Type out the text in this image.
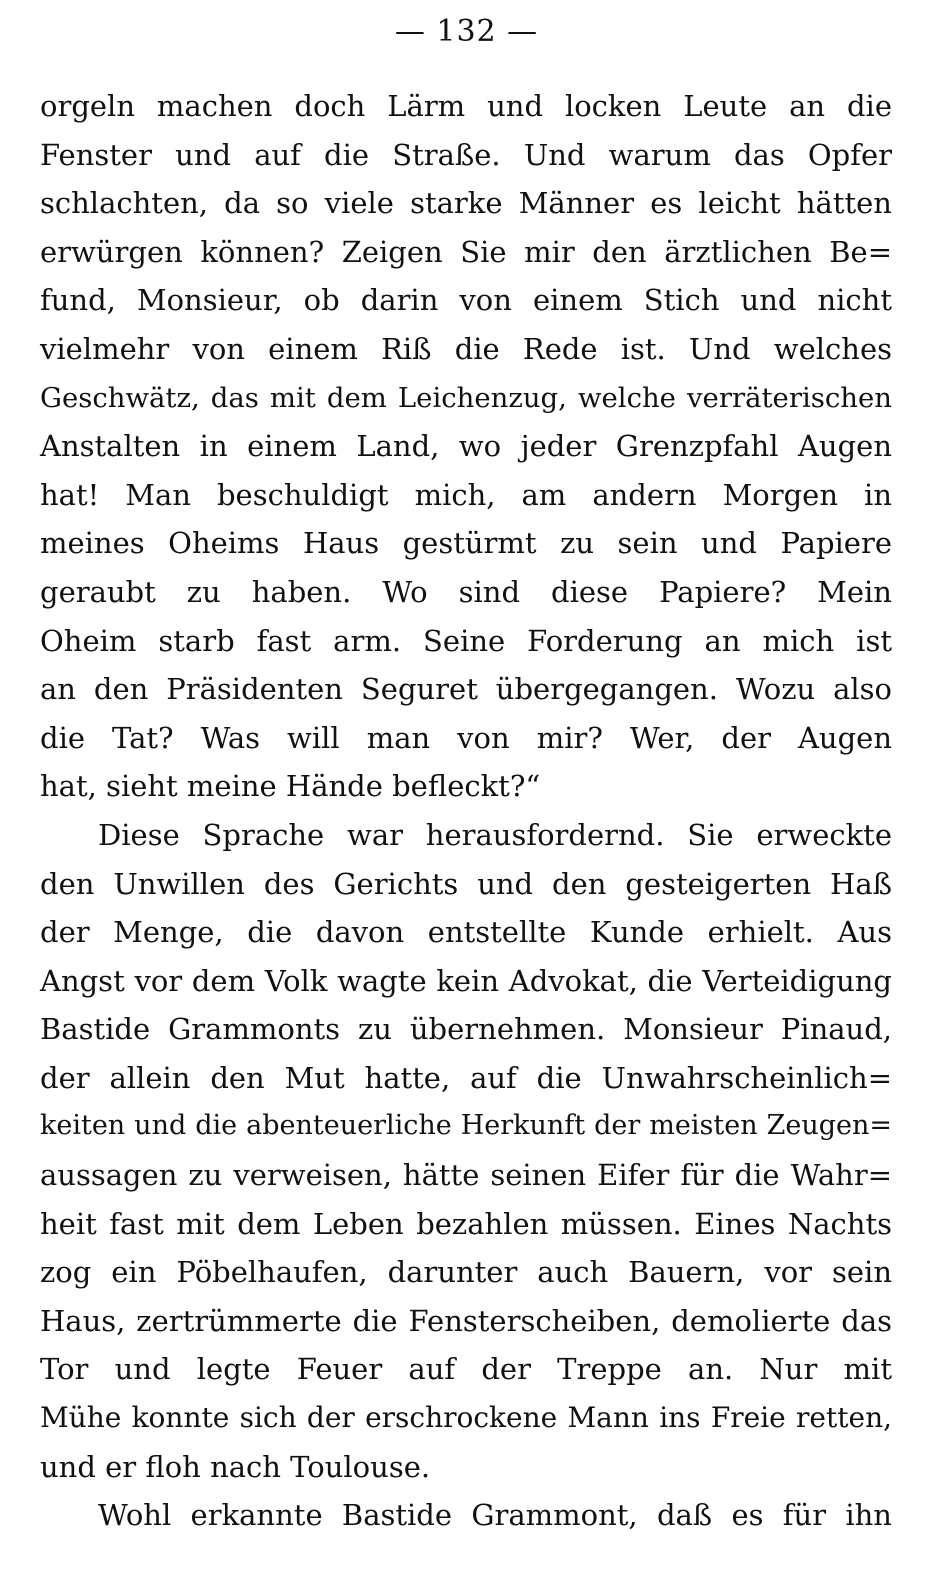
— 132 —
orgeln machen doch Lärm und locken Leute an die
Fenster und auf die Straße. Und warum das Opfer
schlachten, da so viele starke Männer es leicht hätten
erwürgen können? Zeigen Sie mir den ärztlichen Be=
fund, Monsieur, ob darin von einem Stich und nicht
vielmehr von einem Riß die Rede ist. Und welches
Geschwätz, das mit dem Leichenzug, welche verräterischen
Anstalten in einem Land, wo jeder Grenzpfahl Augen
hat! Man beschuldigt mich, am andern Morgen in
meines Oheims Haus gestürmt zu sein und Papiere
geraubt zu haben. Wo sind diese Papiere? Mein
Oheim starb fast arm. Seine Forderung an mich ist
an den Präsidenten Seguret übergegangen. Wozu also
die Tat? Was will man von mir? Wer, der Augen
hat, sieht meine Hände befleckt?“
Diese Sprache war herausfordernd. Sie erweckte
den Unwillen des Gerichts und den gesteigerten Haß
der Menge, die davon entstellte Kunde erhielt. Aus
Angst vor dem Volk wagte kein Advokat, die Verteidigung
Bastide Grammonts zu übernehmen. Monsieur Pinaud,
der allein den Mut hatte, auf die Unwahrscheinlich=
keiten und die abenteuerliche Herkunft der meisten Zeugen=
aussagen zu verweisen, hätte seinen Eifer für die Wahr=
heit fast mit dem Leben bezahlen müssen. Eines Nachts
zog ein Pöbelhaufen, darunter auch Bauern, vor sein
Haus, zertrümmerte die Fensterscheiben, demolierte das
Tor und legte Feuer auf der Treppe an. Nur mit
Mühe konnte sich der erschrockene Mann ins Freie retten,
und er floh nach Toulouse.
Wohl erkannte Bastide Grammont, daß es für ihn
